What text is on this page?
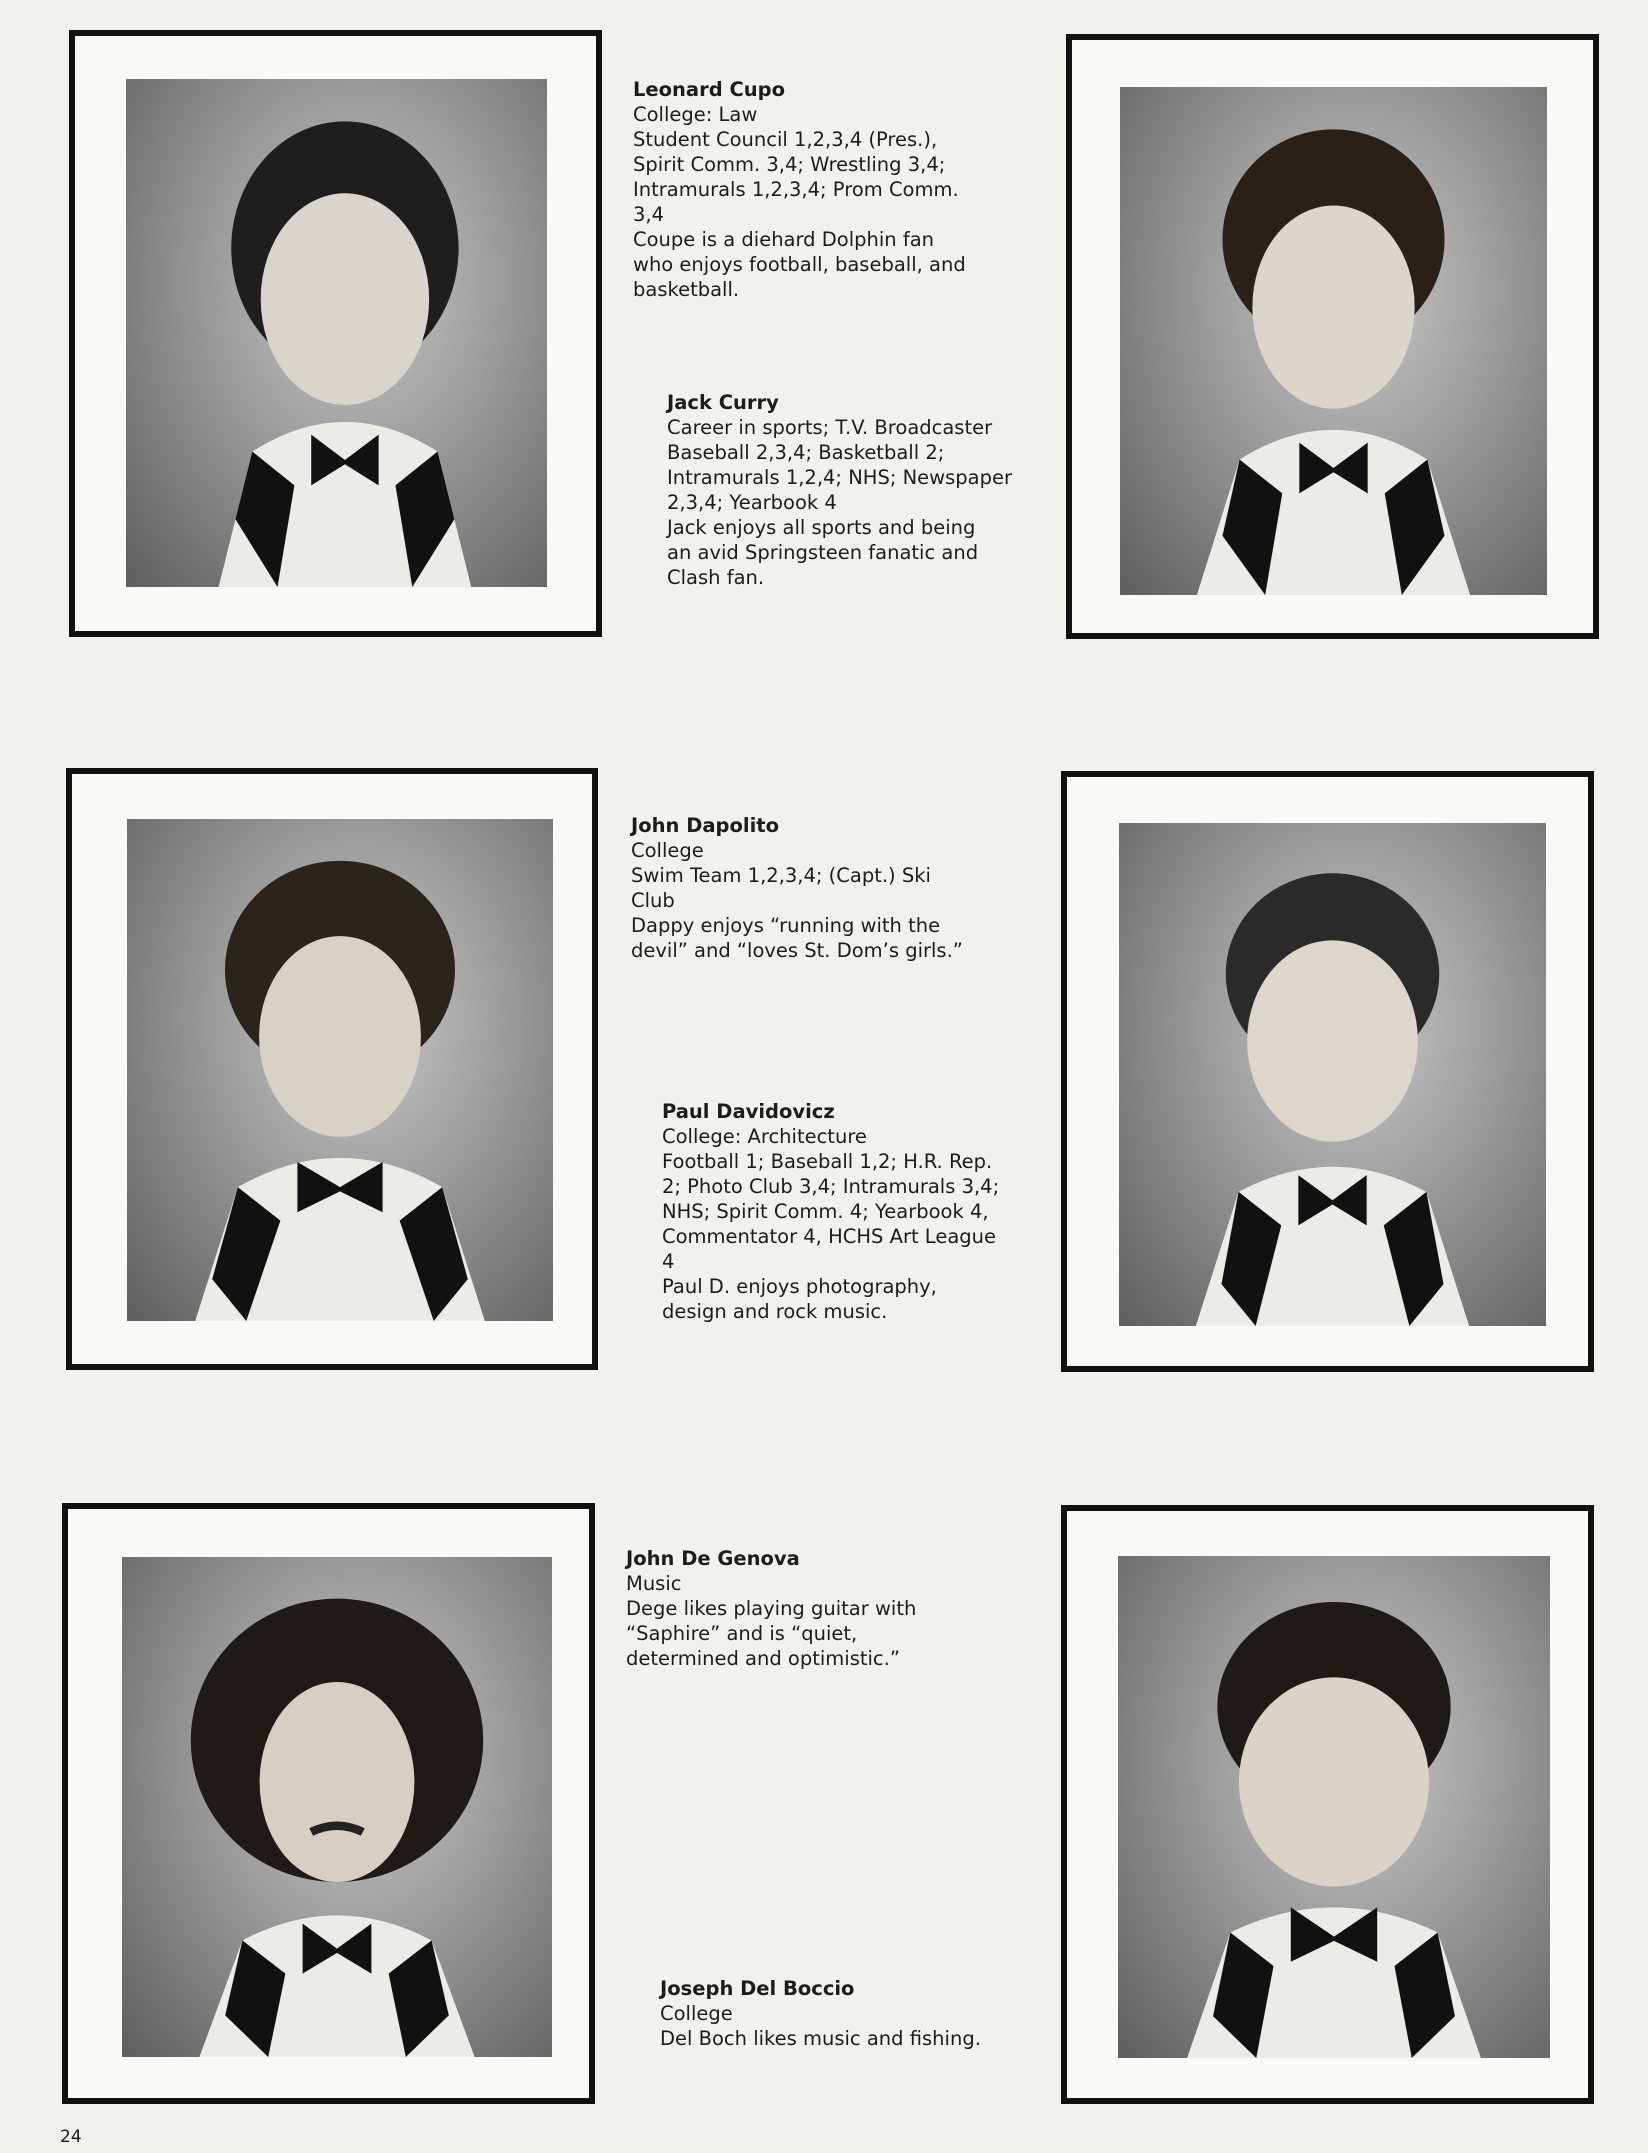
Leonard Cupo
College: Law
Student Council 1,2,3,4 (Pres.),
Spirit Comm. 3,4; Wrestling 3,4;
Intramurals 1,2,3,4; Prom Comm.
3,4
Coupe is a diehard Dolphin fan
who enjoys football, baseball, and
basketball.
Jack Curry
Career in sports; T.V. Broadcaster
Baseball 2,3,4; Basketball 2;
Intramurals 1,2,4; NHS; Newspaper
2,3,4; Yearbook 4
Jack enjoys all sports and being
an avid Springsteen fanatic and
Clash fan.
John Dapolito
College
Swim Team 1,2,3,4; (Capt.) Ski
Club
Dappy enjoys “running with the
devil” and “loves St. Dom’s girls.”
Paul Davidovicz
College: Architecture
Football 1; Baseball 1,2; H.R. Rep.
2; Photo Club 3,4; Intramurals 3,4;
NHS; Spirit Comm. 4; Yearbook 4,
Commentator 4, HCHS Art League
4
Paul D. enjoys photography,
design and rock music.
John De Genova
Music
Dege likes playing guitar with
“Saphire” and is “quiet,
determined and optimistic.”
Joseph Del Boccio
College
Del Boch likes music and fishing.
24
